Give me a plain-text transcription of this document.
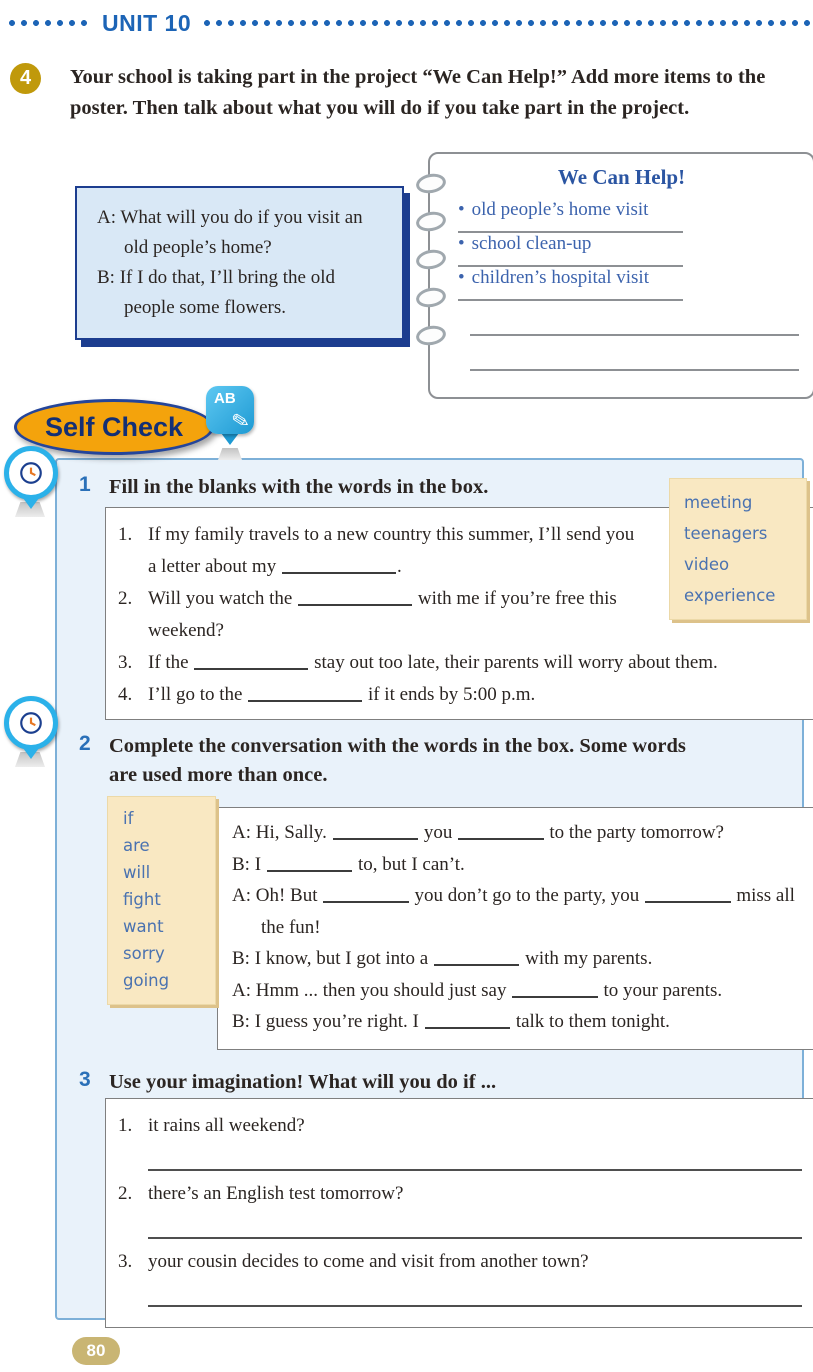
UNIT 10
4	Your school is taking part in the project “We Can Help!” Add more items to the poster. Then talk about what you will do if you take part in the project.

A: What will you do if you visit an old people’s home?

B: If I do that, I’ll bring the old people some flowers.

We Can Help!
• old people’s home visit
• school clean-up
• children’s hospital visit
Self Check
AB
✎
1 Fill in the blanks with the words in the box.
meeting
teenagers
video
experience
1. If my family travels to a new country this summer, I’ll send you a letter about my	.
2. Will you watch the	with me if you’re free this weekend?
3. If the	stay out too late, their parents will worry about them.
4. I’ll go to the	if it ends by 5:00 p.m.
2 Complete the conversation with the words in the box. Some words are used more than once.
if
are
will
fight
want
sorry
going

A: Hi, Sally.	you	to the party tomorrow?

B: I	to, but I can’t.

A: Oh! But	you don’t go to the party, you	miss all the fun!

B: I know, but I got into a	with my parents.

A: Hmm ... then you should just say	to your parents.

B: I guess you’re right. I	talk to them tonight.

3 Use your imagination! What will you do if ...
1. it rains all weekend?
2. there’s an English test tomorrow?
3. your cousin decides to come and visit from another town?
80
